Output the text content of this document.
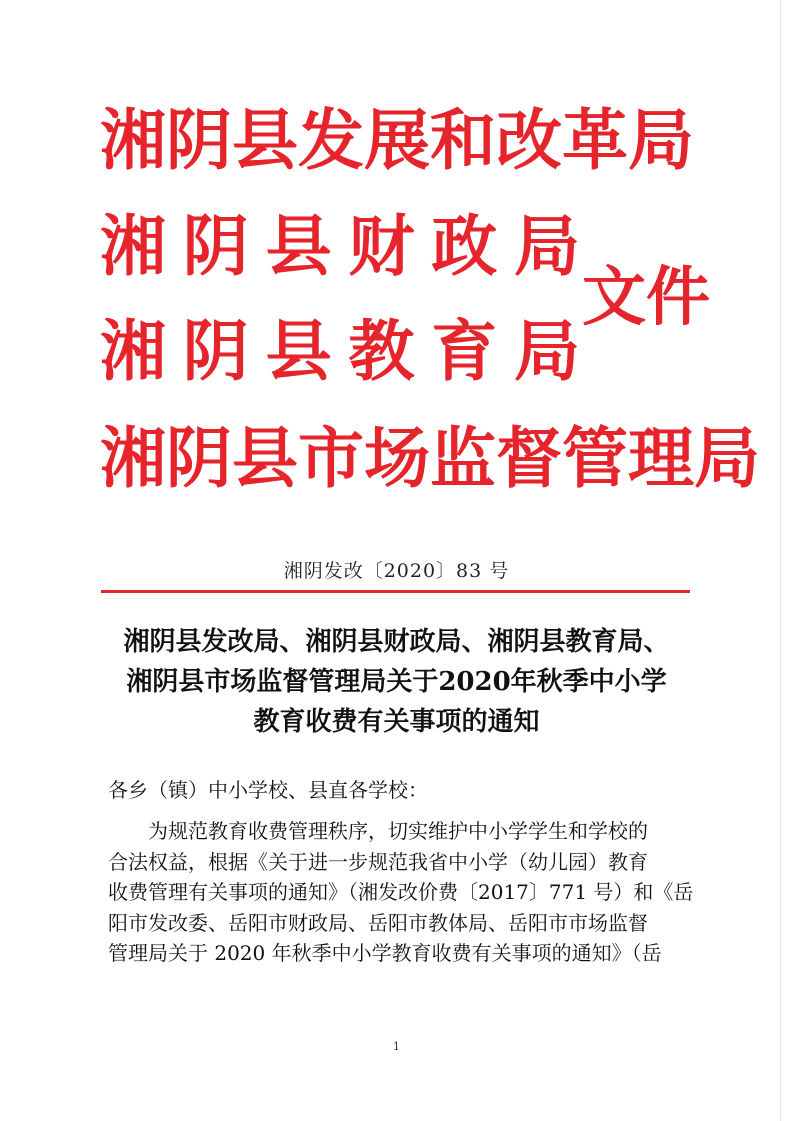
湘 阴 县 发 展 和 改 革 局
湘 阴 县 财 政 局
湘 阴 县 教 育 局
湘 阴 县 市 场 监 督 管 理 局
文件
湘阴发改〔2020〕83 号
湘阴县发改局、湘阴县财政局、湘阴县教育局、
湘阴县市场监督管理局关于2020年秋季中小学
教育收费有关事项的通知
各乡（镇）中小学校、县直各学校：
为规范教育收费管理秩序，切实维护中小学学生和学校的
合法权益，根据《关于进一步规范我省中小学（幼儿园）教育
收费管理有关事项的通知》（湘发改价费〔2017〕771 号）和《岳
阳市发改委、岳阳市财政局、岳阳市教体局、岳阳市市场监督
管理局关于 2020 年秋季中小学教育收费有关事项的通知》（岳
1
